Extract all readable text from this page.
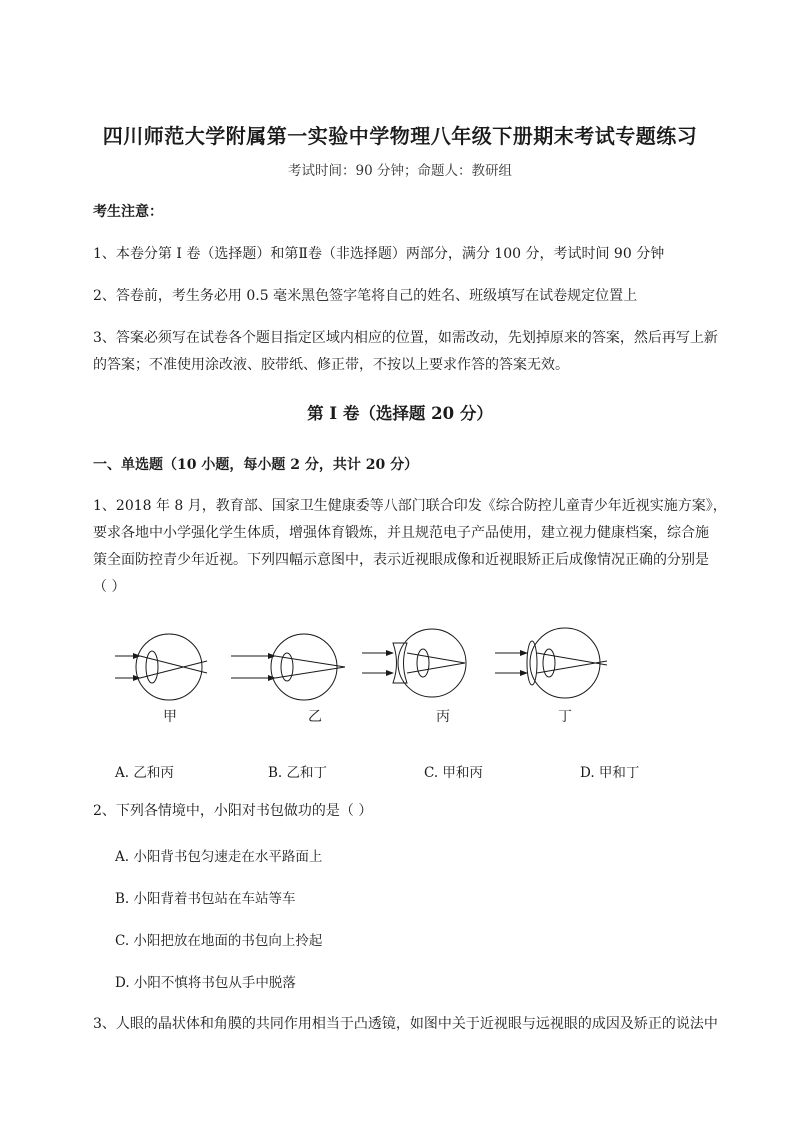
四川师范大学附属第一实验中学物理八年级下册期末考试专题练习
考试时间：90 分钟；命题人：教研组
考生注意：
1、本卷分第 I 卷（选择题）和第Ⅱ卷（非选择题）两部分，满分 100 分，考试时间 90 分钟
2、答卷前，考生务必用 0.5 毫米黑色签字笔将自己的姓名、班级填写在试卷规定位置上
3、答案必须写在试卷各个题目指定区域内相应的位置，如需改动，先划掉原来的答案，然后再写上新
的答案；不准使用涂改液、胶带纸、修正带，不按以上要求作答的答案无效。
第 I 卷（选择题 20 分）
一、单选题（10 小题，每小题 2 分，共计 20 分）
1、2018 年 8 月，教育部、国家卫生健康委等八部门联合印发《综合防控儿童青少年近视实施方案》，
要求各地中小学强化学生体质，增强体育锻炼，并且规范电子产品使用，建立视力健康档案，综合施
策全面防控青少年近视。下列四幅示意图中，表示近视眼成像和近视眼矫正后成像情况正确的分别是
（ ）
甲	乙	丙	丁
A. 乙和丙	B. 乙和丁	C. 甲和丙	D. 甲和丁
2、下列各情境中，小阳对书包做功的是（ ）
A. 小阳背书包匀速走在水平路面上
B. 小阳背着书包站在车站等车
C. 小阳把放在地面的书包向上拎起
D. 小阳不慎将书包从手中脱落
3、人眼的晶状体和角膜的共同作用相当于凸透镜，如图中关于近视眼与远视眼的成因及矫正的说法中
